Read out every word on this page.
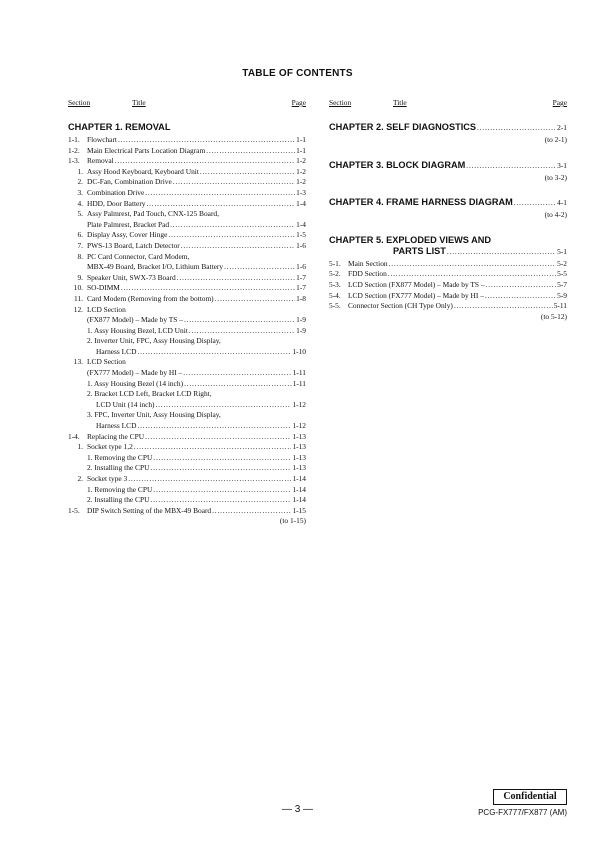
TABLE OF CONTENTS
Section	Title	Page
CHAPTER 1. REMOVAL
1-1. Flowchart .....	1-1
1-2. Main Electrical Parts Location Diagram .....	1-1
1-3. Removal .....	1-2
1. Assy Hood Keyboard, Keyboard Unit .....	1-2
2. DC-Fan, Combination Drive .....	1-2
3. Combination Drive .....	1-3
4. HDD, Door Battery .....	1-4
5. Assy Palmrest, Pad Touch, CNX-125 Board,
Plate Palmrest, Bracket Pad .....	1-4
6. Display Assy, Cover Hinge .....	1-5
7. PWS-13 Board, Latch Detector .....	1-6
8. PC Card Connector, Card Modem,
MBX-49 Board, Bracket I/O, Lithium Battery .....	1-6
9. Speaker Unit, SWX-73 Board .....	1-7
10. SO-DIMM .....	1-7
11. Card Modem (Removing from the bottom) .....	1-8
12. LCD Section
(FX877 Model) – Made by TS – .....	1-9
1. Assy Housing Bezel, LCD Unit .....	1-9
2. Inverter Unit, FPC, Assy Housing Display,
Harness LCD .....	1-10
13. LCD Section
(FX777 Model) – Made by HI – .....	1-11
1. Assy Housing Bezel (14 inch) .....	1-11
2. Bracket LCD Left, Bracket LCD Right,
LCD Unit (14 inch) .....	1-12
3. FPC, Inverter Unit, Assy Housing Display,
Harness LCD .....	1-12
1-4. Replacing the CPU .....	1-13
1. Socket type 1,2 .....	1-13
1. Removing the CPU .....	1-13
2. Installing the CPU .....	1-13
2. Socket type 3 .....	1-14
1. Removing the CPU .....	1-14
2. Installing the CPU .....	1-14
1-5. DIP Switch Setting of the MBX-49 Board .....	1-15
(to 1-15)
Section	Title	Page
CHAPTER 2. SELF DIAGNOSTICS .....	2-1
(to 2-1)
CHAPTER 3. BLOCK DIAGRAM .....	3-1
(to 3-2)
CHAPTER 4. FRAME HARNESS DIAGRAM .....	4-1
(to 4-2)
CHAPTER 5. EXPLODED VIEWS AND
PARTS LIST .....	5-1
5-1. Main Section .....	5-2
5-2. FDD Section .....	5-5
5-3. LCD Section (FX877 Model) – Made by TS – .....	5-7
5-4. LCD Section (FX777 Model) – Made by HI – .....	5-9
5-5. Connector Section (CH Type Only) .....	5-11
(to 5-12)
Confidential
— 3 —	PCG-FX777/FX877 (AM)
